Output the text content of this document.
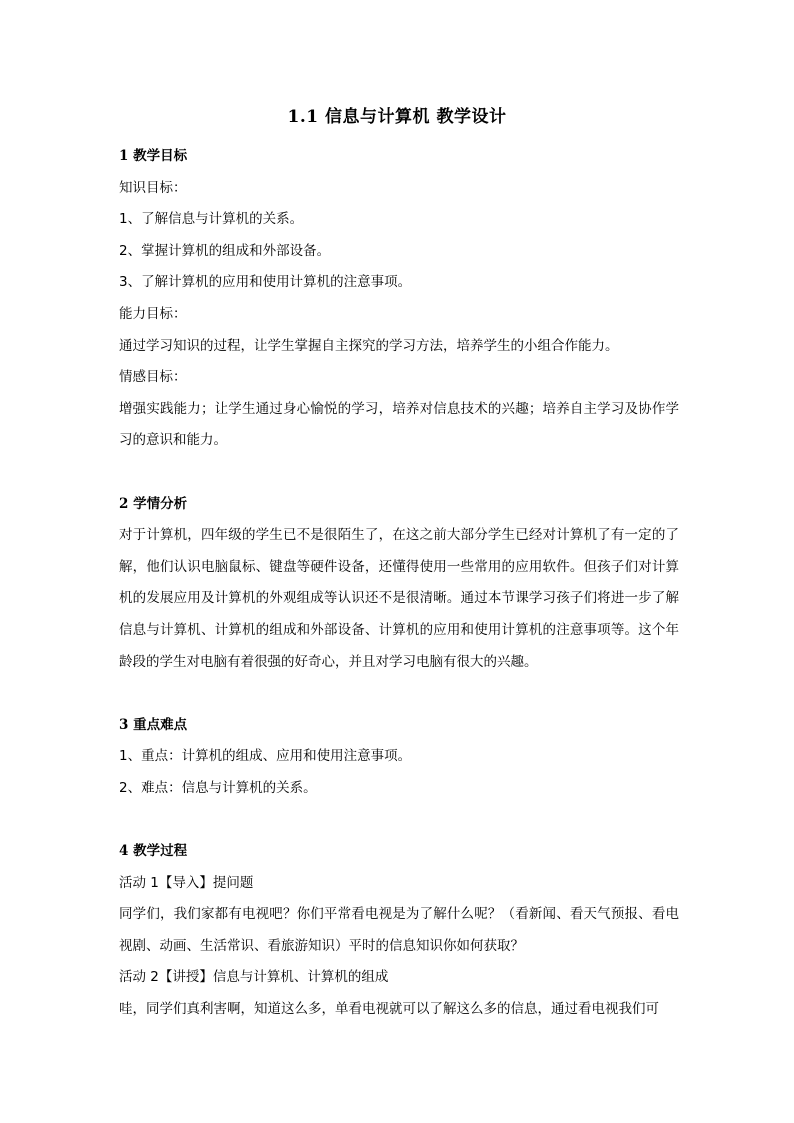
1.1 信息与计算机 教学设计
1 教学目标
知识目标：
1、了解信息与计算机的关系。
2、掌握计算机的组成和外部设备。
3、了解计算机的应用和使用计算机的注意事项。
能力目标：
通过学习知识的过程，让学生掌握自主探究的学习方法，培养学生的小组合作能力。
情感目标：
增强实践能力；让学生通过身心愉悦的学习，培养对信息技术的兴趣；培养自主学习及协作学习的意识和能力。
2 学情分析
对于计算机，四年级的学生已不是很陌生了，在这之前大部分学生已经对计算机了有一定的了解，他们认识电脑鼠标、键盘等硬件设备，还懂得使用一些常用的应用软件。但孩子们对计算机的发展应用及计算机的外观组成等认识还不是很清晰。通过本节课学习孩子们将进一步了解信息与计算机、计算机的组成和外部设备、计算机的应用和使用计算机的注意事项等。这个年龄段的学生对电脑有着很强的好奇心，并且对学习电脑有很大的兴趣。
3 重点难点
1、重点：计算机的组成、应用和使用注意事项。
2、难点：信息与计算机的关系。
4 教学过程
活动 1【导入】提问题
同学们，我们家都有电视吧？你们平常看电视是为了解什么呢？（看新闻、看天气预报、看电视剧、动画、生活常识、看旅游知识）平时的信息知识你如何获取？
活动 2【讲授】信息与计算机、计算机的组成
哇，同学们真利害啊，知道这么多，单看电视就可以了解这么多的信息，通过看电视我们可
